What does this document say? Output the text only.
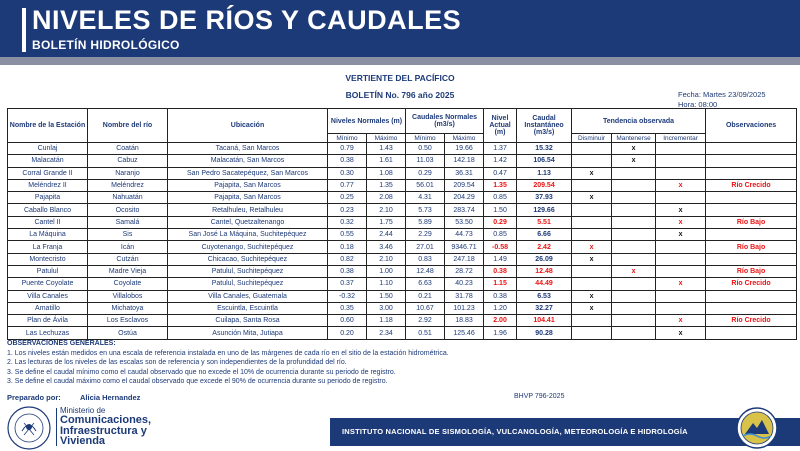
NIVELES DE RÍOS Y CAUDALES
BOLETÍN HIDROLÓGICO
VERTIENTE DEL PACÍFICO
BOLETÍN No. 796 año 2025	Fecha: Martes 23/09/2025
Hora: 08:00
Nombre de la Estación	Nombre del río	Ubicación	Niveles Normales (m)		Caudales Normales (m3/s)		Nivel Actual (m)	Caudal Instantáneo (m3/s)	Tendencia observada			Observaciones
			Mínimo	Máximo	Mínimo	Máximo			Disminuir	Mantenerse	Incrementar	
Cunlaj	Coatán	Tacaná, San Marcos	0.79	1.43	0.50	19.66	1.37	15.32		x		
Malacatán	Cabuz	Malacatán, San Marcos	0.38	1.61	11.03	142.18	1.42	106.54		x		
Corral Grande II	Naranjo	San Pedro Sacatepéquez, San Marcos	0.30	1.08	0.29	36.31	0.47	1.13	x			
Meléndrez II	Meléndrez	Pajapita, San Marcos	0.77	1.35	56.01	209.54	1.35	209.54			x	Río Crecido
Pajapita	Nahuatán	Pajapita, San Marcos	0.25	2.08	4.31	204.29	0.85	37.93	x			
Caballo Blanco	Ocosito	Retalhuleu, Retalhuleu	0.23	2.10	5.73	283.74	1.50	129.66			x	
Cantel II	Samalá	Cantel, Quetzaltenango	0.32	1.75	5.89	53.50	0.29	5.51			x	Río Bajo
La Máquina	Sis	San José La Máquina, Suchitepéquez	0.55	2.44	2.29	44.73	0.85	6.66			x	
La Franja	Icán	Cuyotenango, Suchitepéquez	0.18	3.46	27.01	9346.71	-0.58	2.42	x			Río Bajo
Montecristo	Cutzán	Chicacao, Suchitepéquez	0.82	2.10	0.83	247.18	1.49	26.09	x			
Patulul	Madre Vieja	Patulul, Suchitepéquez	0.38	1.00	12.48	28.72	0.38	12.48		x		Río Bajo
Puente Coyolate	Coyolate	Patulul, Suchitepéquez	0.37	1.10	6.63	40.23	1.15	44.49			x	Río Crecido
Villa Canales	Villalobos	Villa Canales, Guatemala	-0.32	1.50	0.21	31.78	0.38	6.53	x			
Amatillo	Michatoya	Escuintla, Escuintla	0.35	3.00	10.67	101.23	1.20	32.27	x			
Plan de Ávila	Los Esclavos	Cuilapa, Santa Rosa	0.60	1.18	2.92	18.83	2.00	104.41			x	Río Crecido
Las Lechuzas	Ostúa	Asunción Mita, Jutiapa	0.20	2.34	0.51	125.46	1.96	90.28			x	
OBSERVACIONES GENERALES:
1. Los niveles están medidos en una escala de referencia instalada en uno de las márgenes de cada río en el sitio de la estación hidrométrica.
2. Las lecturas de los niveles de las escalas son de referencia y son independientes de la profundidad del río.
3. Se define el caudal mínimo como el caudal observado que no excede el 10% de ocurrencia durante su periodo de registro.
3. Se define el caudal máximo como el caudal observado que excede el 90% de ocurrencia durante su periodo de registro.
Preparado por:	Alicia Hernandez	BHVP 796-2025
Ministerio de
Comunicaciones,
Infraestructura y
Vivienda
INSTITUTO NACIONAL DE SISMOLOGÍA, VULCANOLOGÍA, METEOROLOGÍA E HIDROLOGÍA
